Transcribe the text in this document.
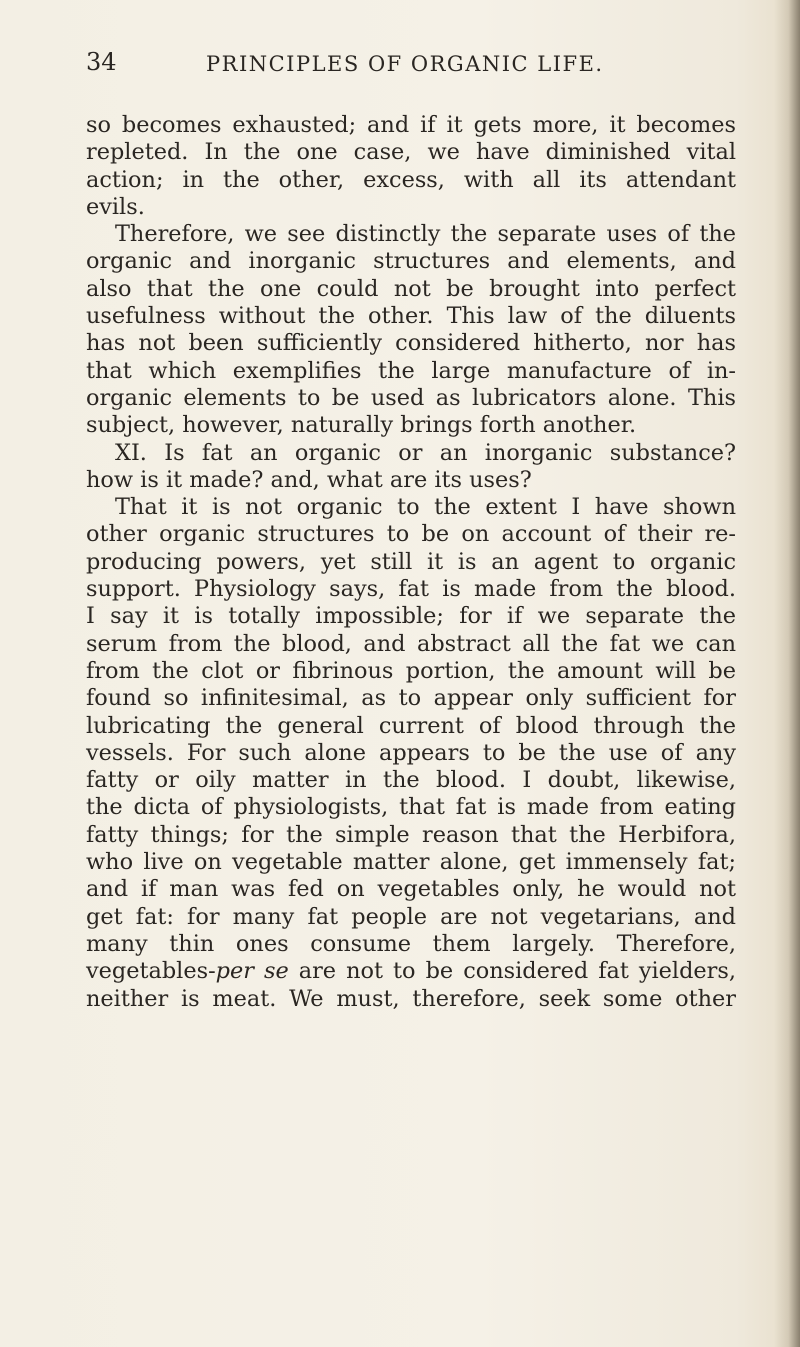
34	PRINCIPLES OF ORGANIC LIFE.
so becomes exhausted; and if it gets more, it becomes
repleted. In the one case, we have diminished vital
action; in the other, excess, with all its attendant
evils.
Therefore, we see distinctly the separate uses of the
organic and inorganic structures and elements, and
also that the one could not be brought into perfect
usefulness without the other. This law of the diluents
has not been sufficiently considered hitherto, nor has
that which exemplifies the large manufacture of in-
organic elements to be used as lubricators alone. This
subject, however, naturally brings forth another.
XI. Is fat an organic or an inorganic substance?
how is it made? and, what are its uses?
That it is not organic to the extent I have shown
other organic structures to be on account of their re-
producing powers, yet still it is an agent to organic
support. Physiology says, fat is made from the blood.
I say it is totally impossible; for if we separate the
serum from the blood, and abstract all the fat we can
from the clot or fibrinous portion, the amount will be
found so infinitesimal, as to appear only sufficient for
lubricating the general current of blood through the
vessels. For such alone appears to be the use of any
fatty or oily matter in the blood. I doubt, likewise,
the dicta of physiologists, that fat is made from eating
fatty things; for the simple reason that the Herbifora,
who live on vegetable matter alone, get immensely fat;
and if man was fed on vegetables only, he would not
get fat: for many fat people are not vegetarians, and
many thin ones consume them largely. Therefore,
vegetables-per se are not to be considered fat yielders,
neither is meat. We must, therefore, seek some other
